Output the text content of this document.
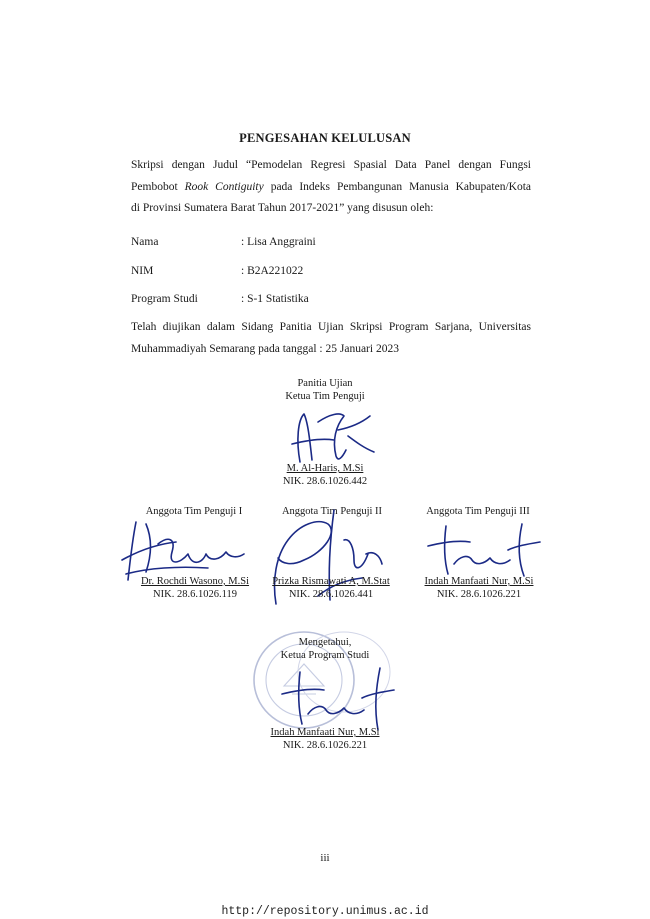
PENGESAHAN KELULUSAN
Skripsi dengan Judul “Pemodelan Regresi Spasial Data Panel dengan Fungsi
Pembobot Rook Contiguity pada Indeks Pembangunan Manusia Kabupaten/Kota
di Provinsi Sumatera Barat Tahun 2017-2021” yang disusun oleh:
Nama	: Lisa Anggraini
NIM	: B2A221022
Program Studi	: S-1 Statistika
Telah diujikan dalam Sidang Panitia Ujian Skripsi Program Sarjana, Universitas
Muhammadiyah Semarang pada tanggal : 25 Januari 2023
Panitia Ujian
Ketua Tim Penguji
M. Al-Haris, M.Si
NIK. 28.6.1026.442
Anggota Tim Penguji I
Dr. Rochdi Wasono, M.Si
NIK. 28.6.1026.119
Anggota Tim Penguji II
Prizka Rismawati A, M.Stat
NIK. 28.6.1026.441
Anggota Tim Penguji III
Indah Manfaati Nur, M.Si
NIK. 28.6.1026.221
Mengetahui,
Ketua Program Studi
Indah Manfaati Nur, M.Si
NIK. 28.6.1026.221
iii
http://repository.unimus.ac.id
